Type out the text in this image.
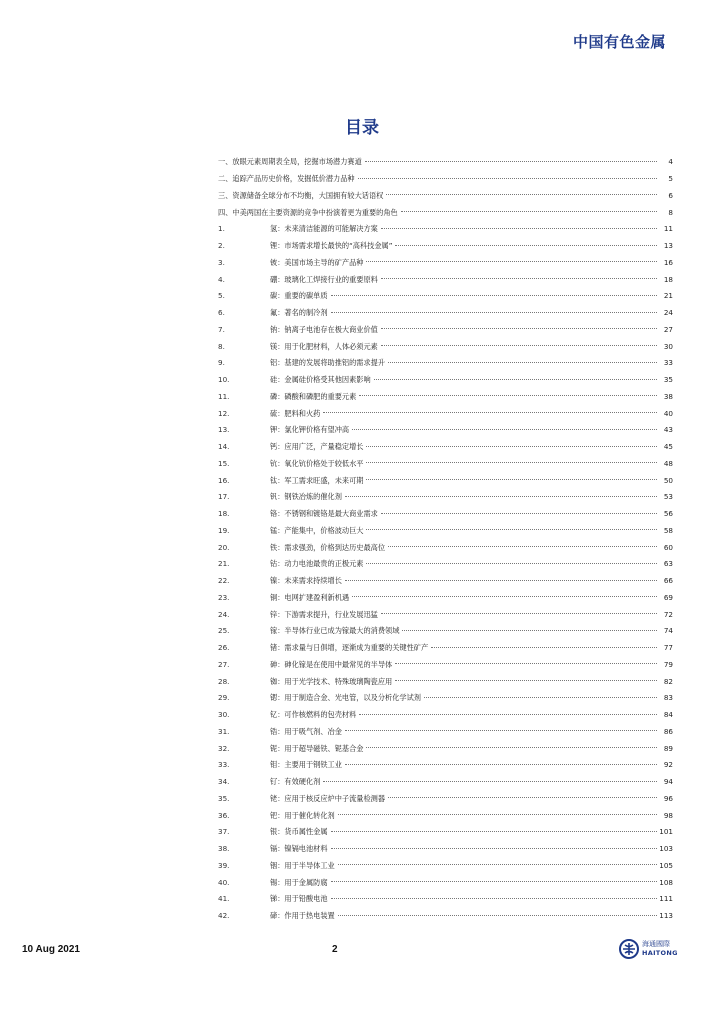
中国有色金属
目录
一、放眼元素周期表全局，挖掘市场潜力赛道	4
二、追踪产品历史价格，发掘低价潜力品种	5
三、资源储备全球分布不均衡，大国拥有较大话语权	6
四、中美两国在主要资源的竞争中扮演着更为重要的角色	8
1.	氢：未来清洁能源的可能解决方案	11
2.	锂：市场需求增长最快的“高科技金属”	13
3.	铍：美国市场主导的矿产品种	16
4.	硼：玻璃化工焊接行业的重要原料	18
5.	碳：重要的碳单质	21
6.	氟：著名的制冷剂	24
7.	钠：钠离子电池存在极大商业价值	27
8.	镁：用于化肥材料，人体必须元素	30
9.	铝：基建的发展将助推铝的需求提升	33
10.	硅：金属硅价格受其他因素影响	35
11.	磷：磷酸和磷肥的重要元素	38
12.	硫：肥料和火药	40
13.	钾：氯化钾价格有望冲高	43
14.	钙：应用广泛，产量稳定增长	45
15.	钪：氧化钪价格处于较低水平	48
16.	钛：军工需求旺盛，未来可期	50
17.	钒：钢铁冶炼的催化剂	53
18.	铬：不锈钢和镀铬是最大商业需求	56
19.	锰：产能集中，价格波动巨大	58
20.	铁：需求强劲，价格到达历史最高位	60
21.	钴：动力电池最贵的正极元素	63
22.	镍：未来需求持续增长	66
23.	铜：电网扩建盈利新机遇	69
24.	锌：下游需求提升，行业发展迅猛	72
25.	镓：半导体行业已成为镓最大的消费领域	74
26.	锗：需求量与日俱增，逐渐成为重要的关键性矿产	77
27.	砷：砷化镓是在使用中最常见的半导体	79
28.	铷：用于光学技术、特殊玻璃陶瓷应用	82
29.	锶：用于制造合金、光电管，以及分析化学试剂	83
30.	钇：可作核燃料的包壳材料	84
31.	锆：用于吸气剂、冶金	86
32.	铌：用于超导磁铁、铌基合金	89
33.	钼：主要用于钢铁工业	92
34.	钌：有效硬化剂	94
35.	铑：应用于核反应炉中子流量检测器	96
36.	钯：用于催化转化剂	98
37.	银：货币属性金属	101
38.	镉：镍镉电池材料	103
39.	铟：用于半导体工业	105
40.	锡：用于金属防腐	108
41.	锑：用于铅酸电池	111
42.	碲：作用于热电装置	113
10 Aug 2021	2	海通國際
HAITONG
